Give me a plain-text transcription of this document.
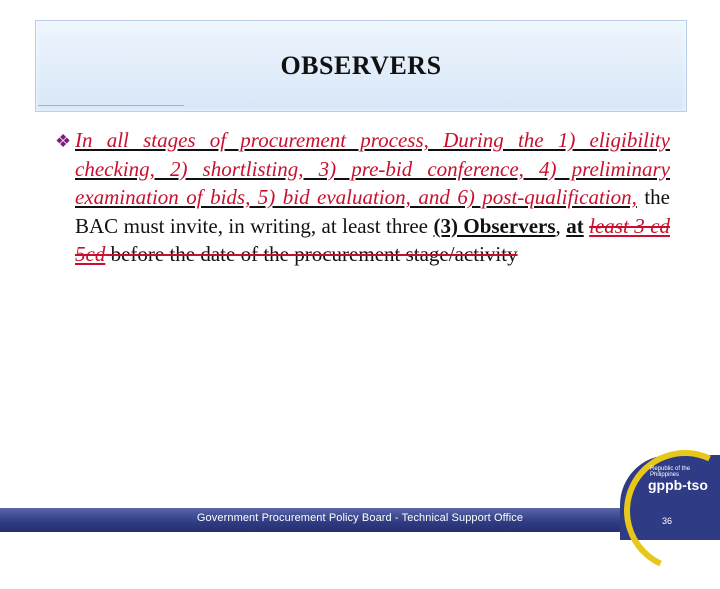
OBSERVERS
❖ In all stages of procurement process, During the 1) eligibility checking, 2) shortlisting, 3) pre-bid conference, 4) preliminary examination of bids, 5) bid evaluation, and 6) post-qualification, the BAC must invite, in writing, at least three (3) Observers, at least 3 cd 5cd before the date of the procurement stage/activity
Government Procurement Policy Board - Technical Support Office
Republic of the Philippines
gppb-tso
36
